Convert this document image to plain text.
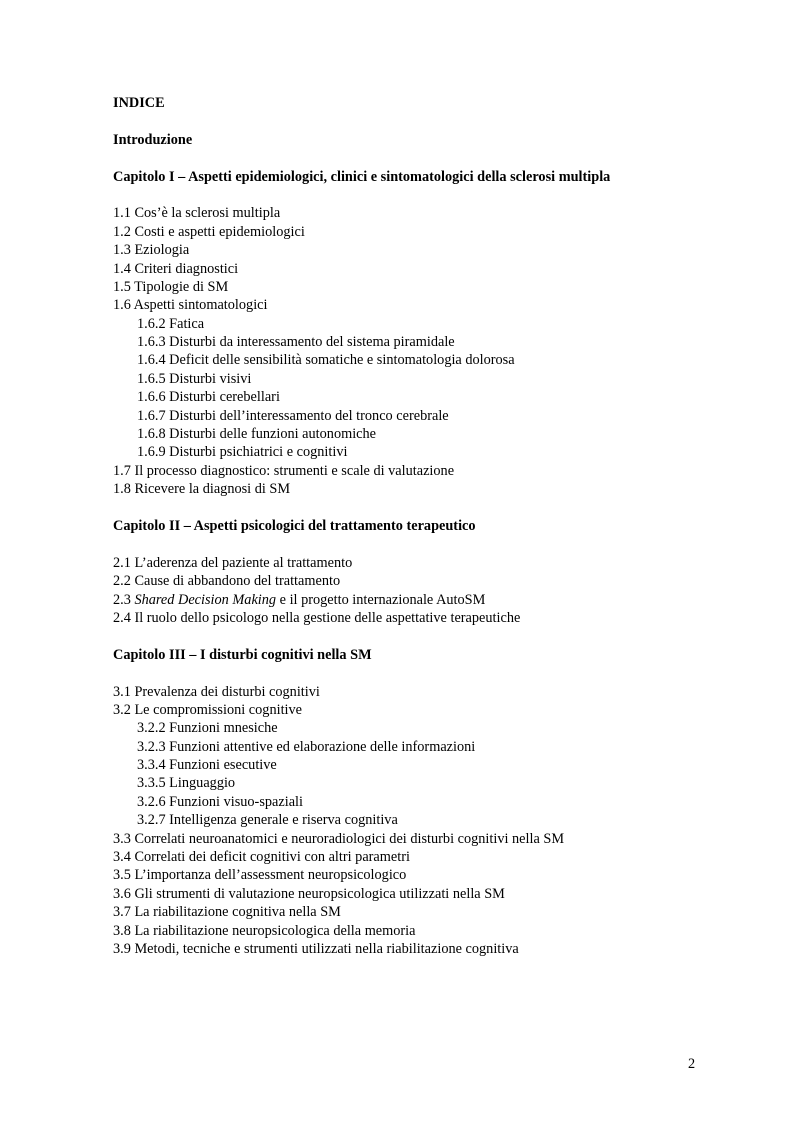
INDICE
Introduzione
Capitolo I – Aspetti epidemiologici, clinici e sintomatologici della sclerosi multipla
1.1 Cos’è la sclerosi multipla
1.2 Costi e aspetti epidemiologici
1.3 Eziologia
1.4 Criteri diagnostici
1.5 Tipologie di SM
1.6 Aspetti sintomatologici
1.6.2 Fatica
1.6.3 Disturbi da interessamento del sistema piramidale
1.6.4 Deficit delle sensibilità somatiche e sintomatologia dolorosa
1.6.5 Disturbi visivi
1.6.6 Disturbi cerebellari
1.6.7 Disturbi dell’interessamento del tronco cerebrale
1.6.8 Disturbi delle funzioni autonomiche
1.6.9 Disturbi psichiatrici e cognitivi
1.7 Il processo diagnostico: strumenti e scale di valutazione
1.8 Ricevere la diagnosi di SM
Capitolo II – Aspetti psicologici del trattamento terapeutico
2.1 L’aderenza del paziente al trattamento
2.2 Cause di abbandono del trattamento
2.3 Shared Decision Making e il progetto internazionale AutoSM
2.4 Il ruolo dello psicologo nella gestione delle aspettative terapeutiche
Capitolo III – I disturbi cognitivi nella SM
3.1 Prevalenza dei disturbi cognitivi
3.2 Le compromissioni cognitive
3.2.2 Funzioni mnesiche
3.2.3 Funzioni attentive ed elaborazione delle informazioni
3.3.4 Funzioni esecutive
3.3.5 Linguaggio
3.2.6 Funzioni visuo-spaziali
3.2.7 Intelligenza generale e riserva cognitiva
3.3 Correlati neuroanatomici e neuroradiologici dei disturbi cognitivi nella SM
3.4 Correlati dei deficit cognitivi con altri parametri
3.5 L’importanza dell’assessment neuropsicologico
3.6 Gli strumenti di valutazione neuropsicologica utilizzati nella SM
3.7 La riabilitazione cognitiva nella SM
3.8 La riabilitazione neuropsicologica della memoria
3.9 Metodi, tecniche e strumenti utilizzati nella riabilitazione cognitiva
2
